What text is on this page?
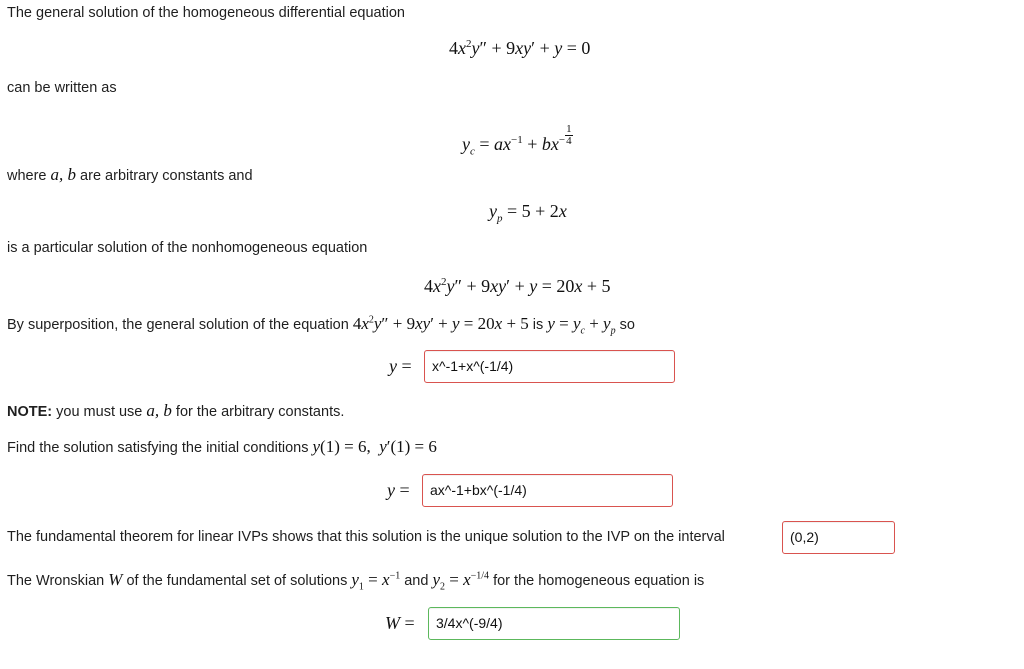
The general solution of the homogeneous differential equation
$4x^2y'' + 9xy' + y = 0$
can be written as
$y_c = ax^{-1} + bx^- \frac{1}{4}$
where a, b are arbitrary constants and
$y_p = 5 + 2x$
is a particular solution of the nonhomogeneous equation
$4x^2y'' + 9xy' + y = 20x + 5$
By superposition, the general solution of the equation $4x^2y'' + 9xy' + y = 20x + 5$ is $y = y_c + y_p$ so
y =	x^-1+x^(-1/4)
NOTE: you must use a, b for the arbitrary constants.
Find the solution satisfying the initial conditions y(1) = 6,  y′(1) = 6
y =	ax^-1+bx^(-1/4)
The fundamental theorem for linear IVPs shows that this solution is the unique solution to the IVP on the interval	(0,2)
The Wronskian W of the fundamental set of solutions $y_1 = x^{-1}$ and $y_2 = x^{-1/4}$ for the homogeneous equation is
W =	3/4x^(-9/4)
